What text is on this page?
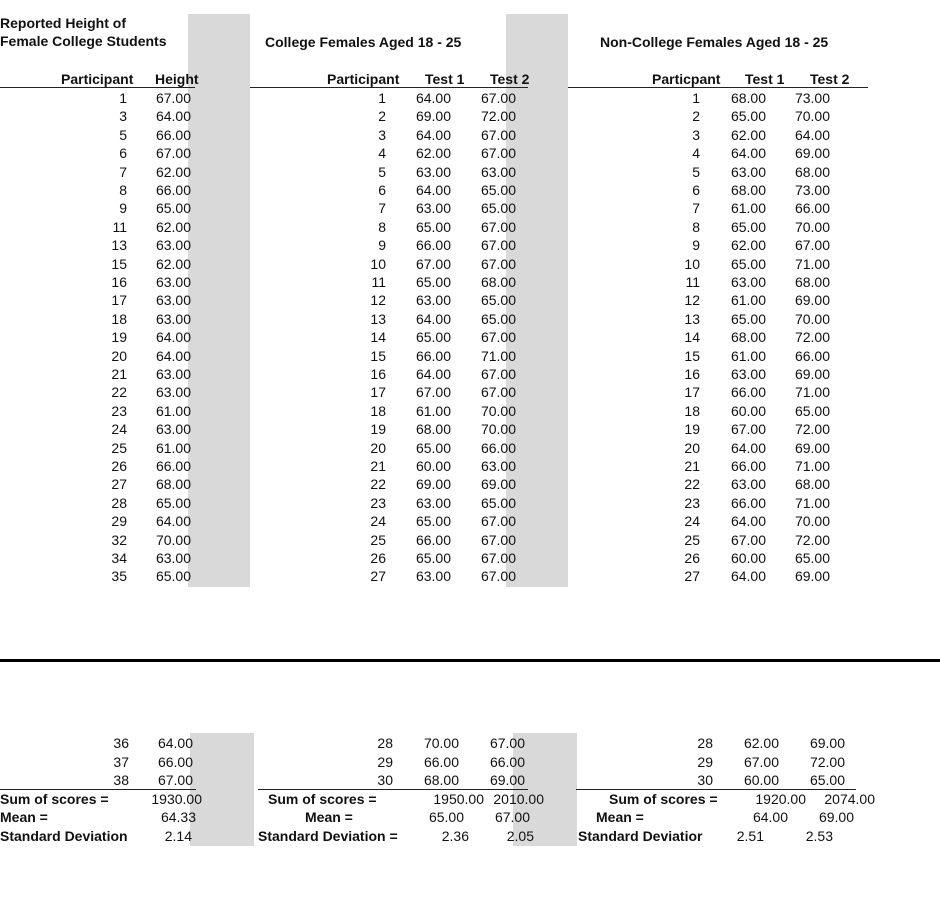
Reported Height of
Female College Students	College Females Aged 18 - 25	Non-College Females Aged 18 - 25
Participant Height	Participant Test 1 Test 2	Particpant Test 1 Test 2
1	67.00	1	64.00	67.00	1	68.00	73.00
3	64.00	2	69.00	72.00	2	65.00	70.00
5	66.00	3	64.00	67.00	3	62.00	64.00
6	67.00	4	62.00	67.00	4	64.00	69.00
7	62.00	5	63.00	63.00	5	63.00	68.00
8	66.00	6	64.00	65.00	6	68.00	73.00
9	65.00	7	63.00	65.00	7	61.00	66.00
11	62.00	8	65.00	67.00	8	65.00	70.00
13	63.00	9	66.00	67.00	9	62.00	67.00
15	62.00	10	67.00	67.00	10	65.00	71.00
16	63.00	11	65.00	68.00	11	63.00	68.00
17	63.00	12	63.00	65.00	12	61.00	69.00
18	63.00	13	64.00	65.00	13	65.00	70.00
19	64.00	14	65.00	67.00	14	68.00	72.00
20	64.00	15	66.00	71.00	15	61.00	66.00
21	63.00	16	64.00	67.00	16	63.00	69.00
22	63.00	17	67.00	67.00	17	66.00	71.00
23	61.00	18	61.00	70.00	18	60.00	65.00
24	63.00	19	68.00	70.00	19	67.00	72.00
25	61.00	20	65.00	66.00	20	64.00	69.00
26	66.00	21	60.00	63.00	21	66.00	71.00
27	68.00	22	69.00	69.00	22	63.00	68.00
28	65.00	23	63.00	65.00	23	66.00	71.00
29	64.00	24	65.00	67.00	24	64.00	70.00
32	70.00	25	66.00	67.00	25	67.00	72.00
34	63.00	26	65.00	67.00	26	60.00	65.00
35	65.00	27	63.00	67.00	27	64.00	69.00
36	64.00	28	70.00	67.00	28	62.00	69.00
37	66.00	29	66.00	66.00	29	67.00	72.00
38	67.00	30	68.00	69.00	30	60.00	65.00
Sum of scores =	1930.00
Mean =	64.33
Standard Deviation	2.14
Sum of scores =	1950.00 2010.00
Mean =	65.00	67.00
Standard Deviation =	2.36	2.05
Sum of scores =	1920.00	2074.00
Mean =	64.00	69.00
Standard Deviatior	2.51	2.53
